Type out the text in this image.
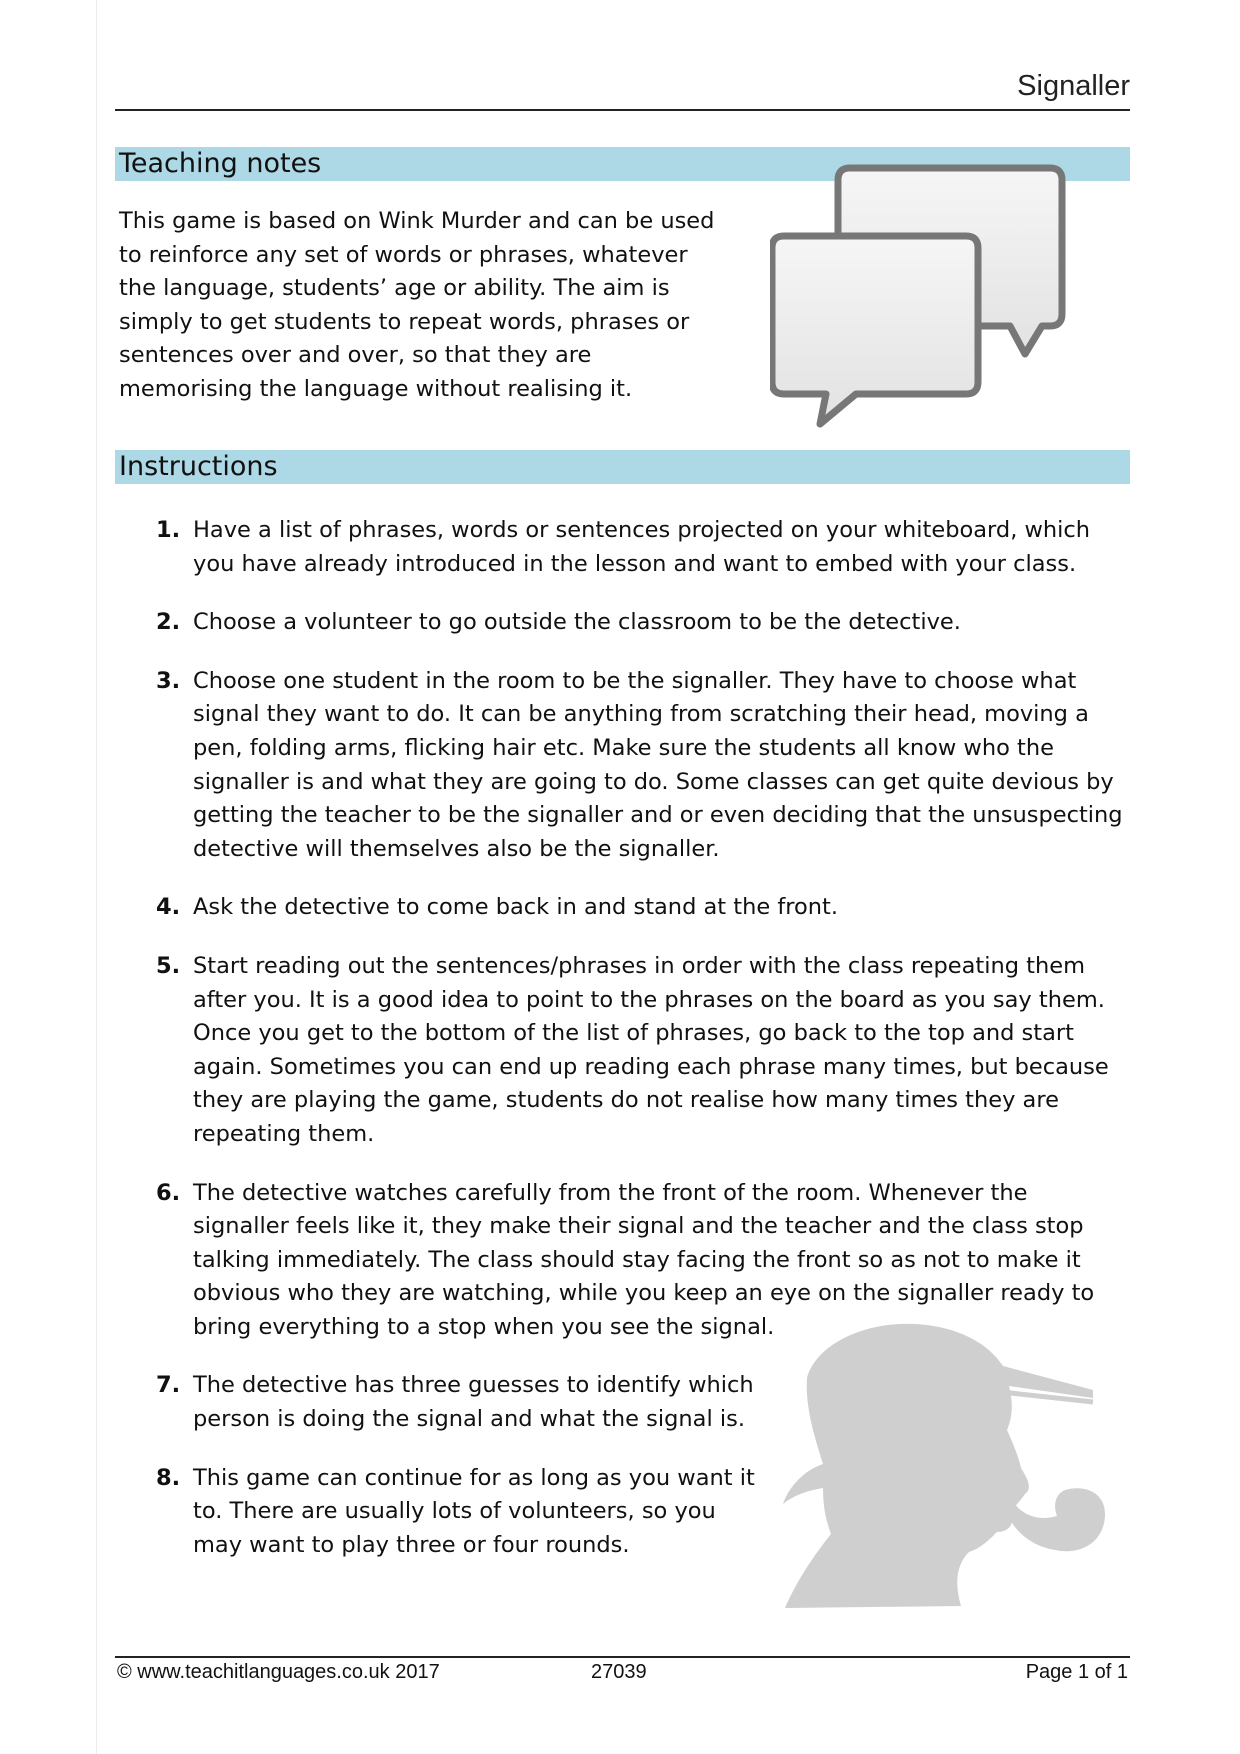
Signaller
Teaching notes
This game is based on Wink Murder and can be used
to reinforce any set of words or phrases, whatever
the language, students’ age or ability. The aim is
simply to get students to repeat words, phrases or
sentences over and over, so that they are
memorising the language without realising it.
Instructions
1. Have a list of phrases, words or sentences projected on your whiteboard, which
you have already introduced in the lesson and want to embed with your class.
2. Choose a volunteer to go outside the classroom to be the detective.
3. Choose one student in the room to be the signaller. They have to choose what
signal they want to do. It can be anything from scratching their head, moving a
pen, folding arms, flicking hair etc. Make sure the students all know who the
signaller is and what they are going to do. Some classes can get quite devious by
getting the teacher to be the signaller and or even deciding that the unsuspecting
detective will themselves also be the signaller.
4. Ask the detective to come back in and stand at the front.
5. Start reading out the sentences/phrases in order with the class repeating them
after you. It is a good idea to point to the phrases on the board as you say them.
Once you get to the bottom of the list of phrases, go back to the top and start
again. Sometimes you can end up reading each phrase many times, but because
they are playing the game, students do not realise how many times they are
repeating them.
6. The detective watches carefully from the front of the room. Whenever the
signaller feels like it, they make their signal and the teacher and the class stop
talking immediately. The class should stay facing the front so as not to make it
obvious who they are watching, while you keep an eye on the signaller ready to
bring everything to a stop when you see the signal.
7. The detective has three guesses to identify which
person is doing the signal and what the signal is.
8. This game can continue for as long as you want it
to. There are usually lots of volunteers, so you
may want to play three or four rounds.
© www.teachitlanguages.co.uk 2017	27039	Page 1 of 1
